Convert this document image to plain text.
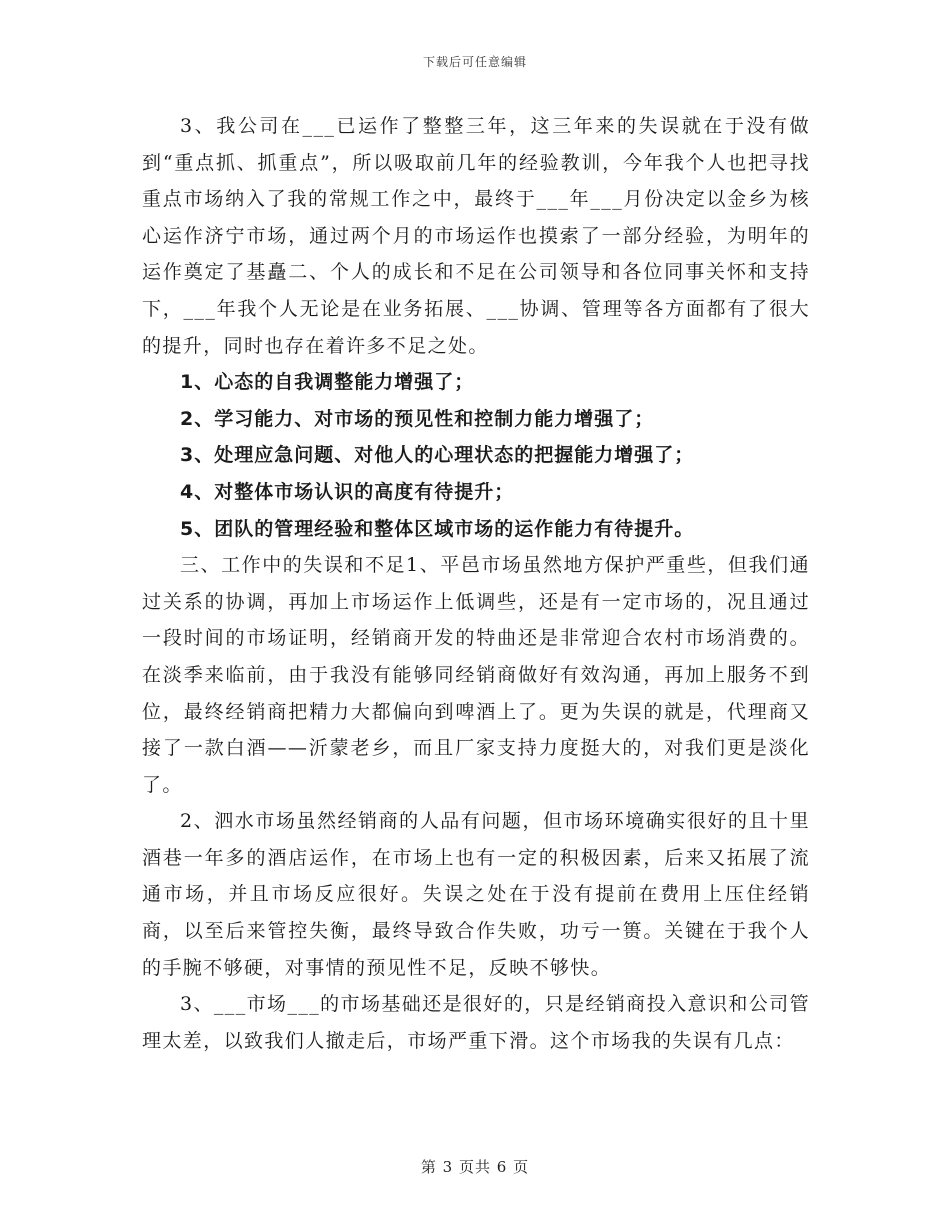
下载后可任意编辑

3、我公司在___已运作了整整三年，这三年来的失误就在于没有做到“重点抓、抓重点”，所以吸取前几年的经验教训，今年我个人也把寻找重点市场纳入了我的常规工作之中，最终于___年___月份决定以金乡为核心运作济宁市场，通过两个月的市场运作也摸索了一部分经验，为明年的运作奠定了基矗二、个人的成长和不足在公司领导和各位同事关怀和支持下，___年我个人无论是在业务拓展、___协调、管理等各方面都有了很大的提升，同时也存在着许多不足之处。

1、心态的自我调整能力增强了；

2、学习能力、对市场的预见性和控制力能力增强了；

3、处理应急问题、对他人的心理状态的把握能力增强了；

4、对整体市场认识的高度有待提升；

5、团队的管理经验和整体区域市场的运作能力有待提升。

三、工作中的失误和不足1、平邑市场虽然地方保护严重些，但我们通过关系的协调，再加上市场运作上低调些，还是有一定市场的，况且通过一段时间的市场证明，经销商开发的特曲还是非常迎合农村市场消费的。在淡季来临前，由于我没有能够同经销商做好有效沟通，再加上服务不到位，最终经销商把精力大都偏向到啤酒上了。更为失误的就是，代理商又接了一款白酒——沂蒙老乡，而且厂家支持力度挺大的，对我们更是淡化了。

2、泗水市场虽然经销商的人品有问题，但市场环境确实很好的且十里酒巷一年多的酒店运作，在市场上也有一定的积极因素，后来又拓展了流通市场，并且市场反应很好。失误之处在于没有提前在费用上压住经销商，以至后来管控失衡，最终导致合作失败，功亏一篑。关键在于我个人的手腕不够硬，对事情的预见性不足，反映不够快。

3、___市场___的市场基础还是很好的，只是经销商投入意识和公司管理太差，以致我们人撤走后，市场严重下滑。这个市场我的失误有几点：

第 3 页共 6 页
